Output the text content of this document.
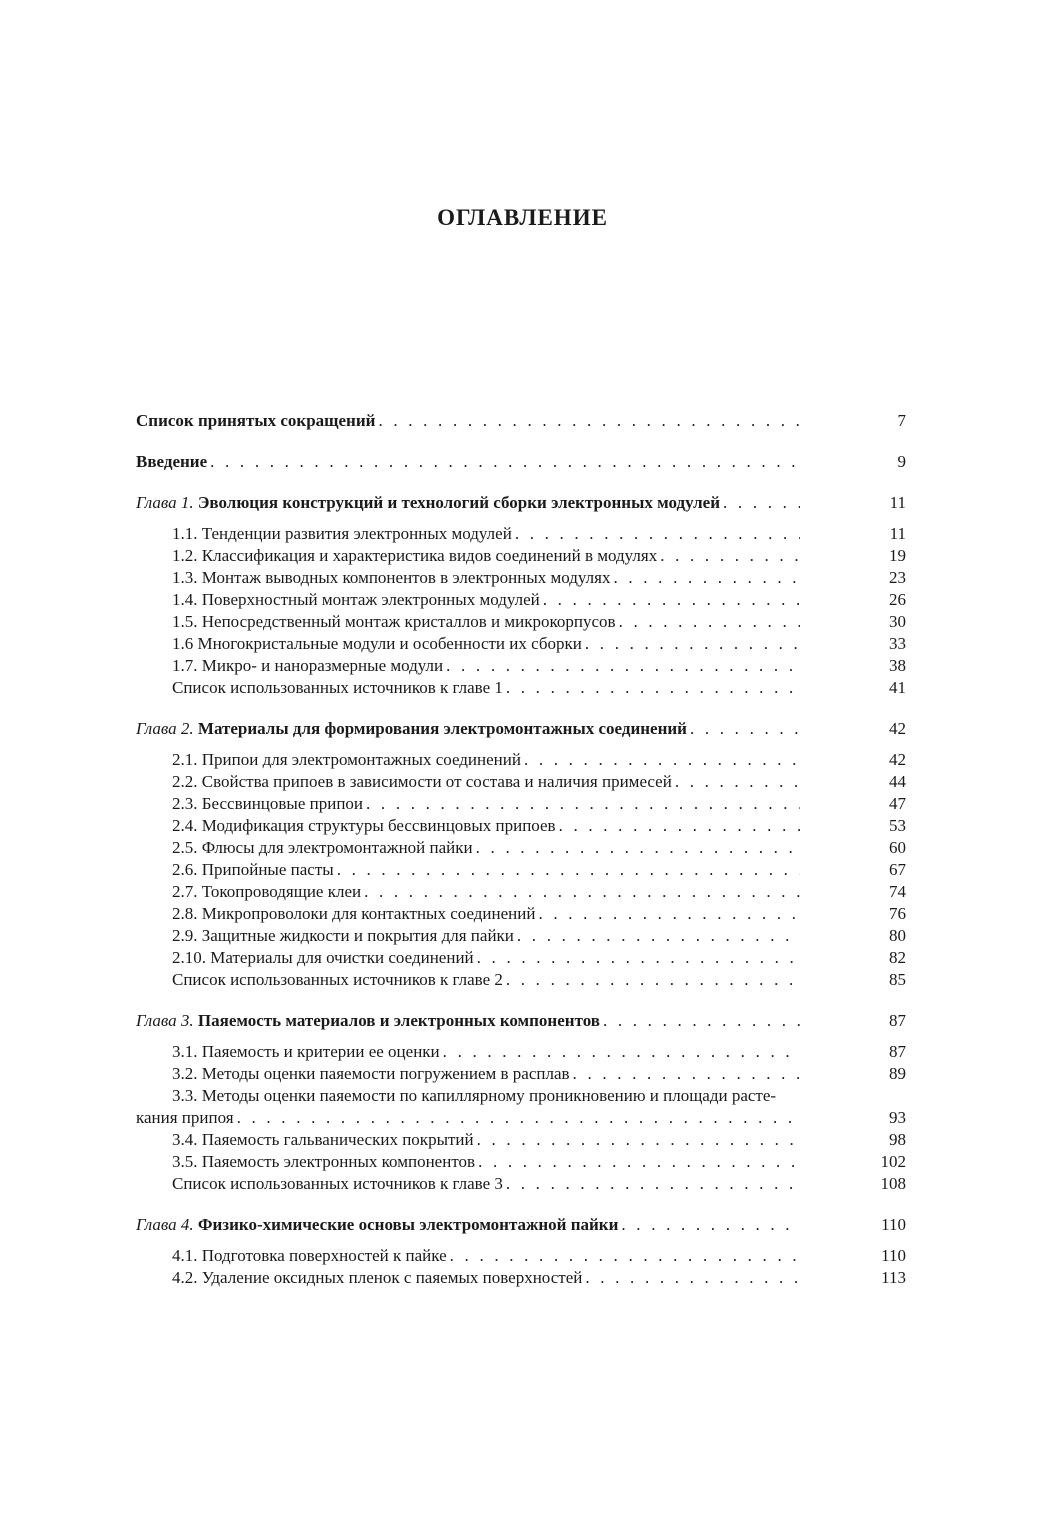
ОГЛАВЛЕНИЕ
Список принятых сокращений . . .	7
Введение . . .	9
Глава 1. Эволюция конструкций и технологий сборки электронных модулей . . .	11
1.1. Тенденции развития электронных модулей . . .	11
1.2. Классификация и характеристика видов соединений в модулях . . .	19
1.3. Монтаж выводных компонентов в электронных модулях . . .	23
1.4. Поверхностный монтаж электронных модулей . . .	26
1.5. Непосредственный монтаж кристаллов и микрокорпусов . . .	30
1.6 Многокристальные модули и особенности их сборки . . .	33
1.7. Микро- и наноразмерные модули . . .	38
Список использованных источников к главе 1 . . .	41
Глава 2. Материалы для формирования электромонтажных соединений . . .	42
2.1. Припои для электромонтажных соединений . . .	42
2.2. Свойства припоев в зависимости от состава и наличия примесей . . .	44
2.3. Бессвинцовые припои . . .	47
2.4. Модификация структуры бессвинцовых припоев . . .	53
2.5. Флюсы для электромонтажной пайки . . .	60
2.6. Припойные пасты . . .	67
2.7. Токопроводящие клеи . . .	74
2.8. Микропроволоки для контактных соединений . . .	76
2.9. Защитные жидкости и покрытия для пайки . . .	80
2.10. Материалы для очистки соединений . . .	82
Список использованных источников к главе 2 . . .	85
Глава 3. Паяемость материалов и электронных компонентов . . .	87
3.1. Паяемость и критерии ее оценки . . .	87
3.2. Методы оценки паяемости погружением в расплав . . .	89
3.3. Методы оценки паяемости по капиллярному проникновению и площади расте-
кания припоя . . .	93
3.4. Паяемость гальванических покрытий . . .	98
3.5. Паяемость электронных компонентов . . .	102
Список использованных источников к главе 3 . . .	108
Глава 4. Физико-химические основы электромонтажной пайки . . .	110
4.1. Подготовка поверхностей к пайке . . .	110
4.2. Удаление оксидных пленок с паяемых поверхностей . . .	113
